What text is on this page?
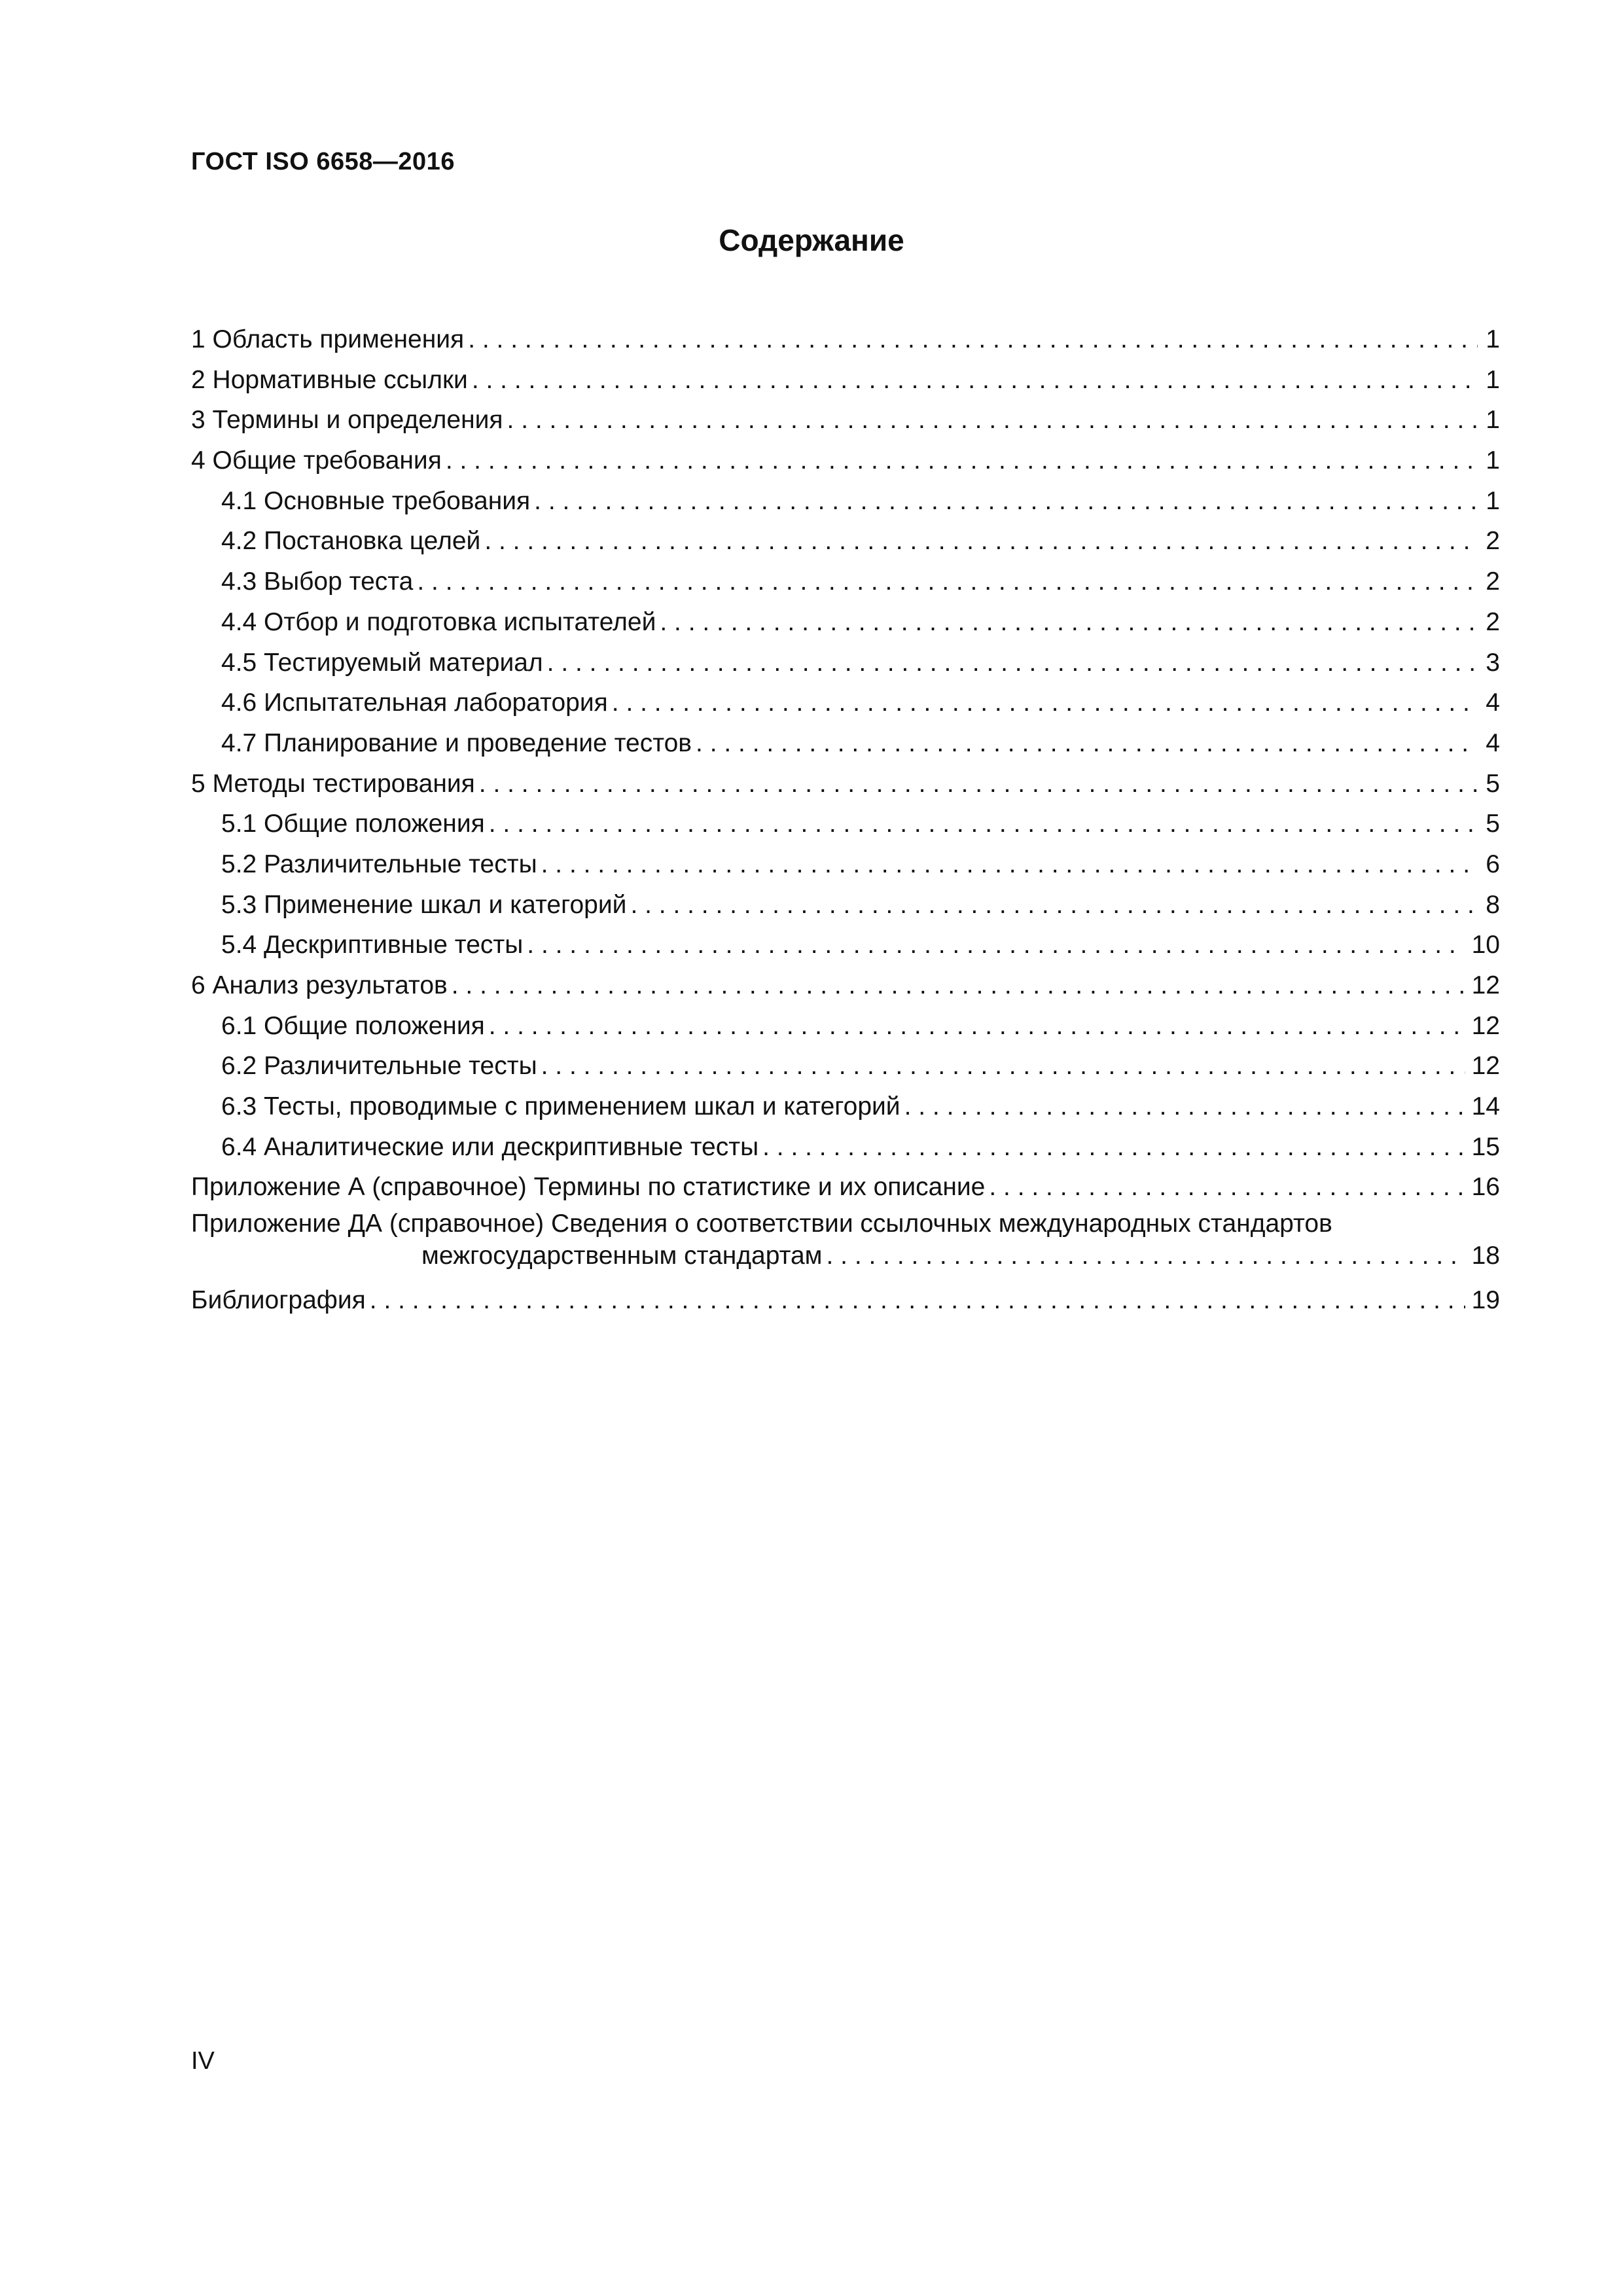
ГОСТ ISO 6658—2016
Содержание
1 Область применения . . .	1
2 Нормативные ссылки . . .	1
3 Термины и определения . . .	1
4 Общие требования . . .	1
4.1 Основные требования . . .	1
4.2 Постановка целей . . .	2
4.3 Выбор теста . . .	2
4.4 Отбор и подготовка испытателей . . .	2
4.5 Тестируемый материал . . .	3
4.6 Испытательная лаборатория . . .	4
4.7 Планирование и проведение тестов . . .	4
5 Методы тестирования . . .	5
5.1 Общие положения . . .	5
5.2 Различительные тесты . . .	6
5.3 Применение шкал и категорий . . .	8
5.4 Дескриптивные тесты . . .	10
6 Анализ результатов . . .	12
6.1 Общие положения . . .	12
6.2 Различительные тесты . . .	12
6.3 Тесты, проводимые с применением шкал и категорий . . .	14
6.4 Аналитические или дескриптивные тесты . . .	15
Приложение А (справочное) Термины по статистике и их описание . . .	16
Приложение ДА (справочное) Сведения о соответствии ссылочных международных стандартов
межгосударственным стандартам . . .	18
Библиография . . .	19
IV
